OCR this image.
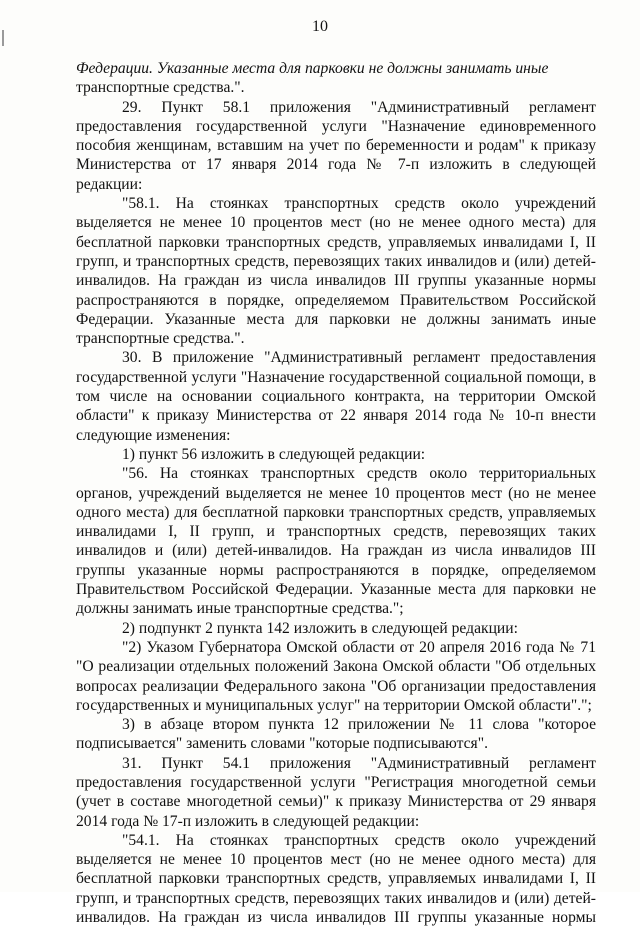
10

Федерации. Указанные места для парковки не должны занимать иные
транспортные средства.".

29. Пункт 58.1 приложения "Административный регламент предоставления государственной услуги "Назначение единовременного пособия женщинам, вставшим на учет по беременности и родам" к приказу Министерства от 17 января 2014 года № 7-п изложить в следующей редакции:

"58.1. На стоянках транспортных средств около учреждений выделяется не менее 10 процентов мест (но не менее одного места) для бесплатной парковки транспортных средств, управляемых инвалидами I, II групп, и транспортных средств, перевозящих таких инвалидов и (или) детей-инвалидов. На граждан из числа инвалидов III группы указанные нормы распространяются в порядке, определяемом Правительством Российской Федерации. Указанные места для парковки не должны занимать иные транспортные средства.".

30. В приложение "Административный регламент предоставления государственной услуги "Назначение государственной социальной помощи, в том числе на основании социального контракта, на территории Омской области" к приказу Министерства от 22 января 2014 года № 10-п внести следующие изменения:

1) пункт 56 изложить в следующей редакции:

"56. На стоянках транспортных средств около территориальных органов, учреждений выделяется не менее 10 процентов мест (но не менее одного места) для бесплатной парковки транспортных средств, управляемых инвалидами I, II групп, и транспортных средств, перевозящих таких инвалидов и (или) детей-инвалидов. На граждан из числа инвалидов III группы указанные нормы распространяются в порядке, определяемом Правительством Российской Федерации. Указанные места для парковки не должны занимать иные транспортные средства.";

2) подпункт 2 пункта 142 изложить в следующей редакции:

"2) Указом Губернатора Омской области от 20 апреля 2016 года № 71 "О реализации отдельных положений Закона Омской области "Об отдельных вопросах реализации Федерального закона "Об организации предоставления государственных и муниципальных услуг" на территории Омской области".";

3) в абзаце втором пункта 12 приложении № 11 слова "которое подписывается" заменить словами "которые подписываются".

31. Пункт 54.1 приложения "Административный регламент предоставления государственной услуги "Регистрация многодетной семьи (учет в составе многодетной семьи)" к приказу Министерства от 29 января 2014 года № 17-п изложить в следующей редакции:

"54.1. На стоянках транспортных средств около учреждений выделяется не менее 10 процентов мест (но не менее одного места) для бесплатной парковки транспортных средств, управляемых инвалидами I, II групп, и транспортных средств, перевозящих таких инвалидов и (или) детей-инвалидов. На граждан из числа инвалидов III группы указанные нормы
